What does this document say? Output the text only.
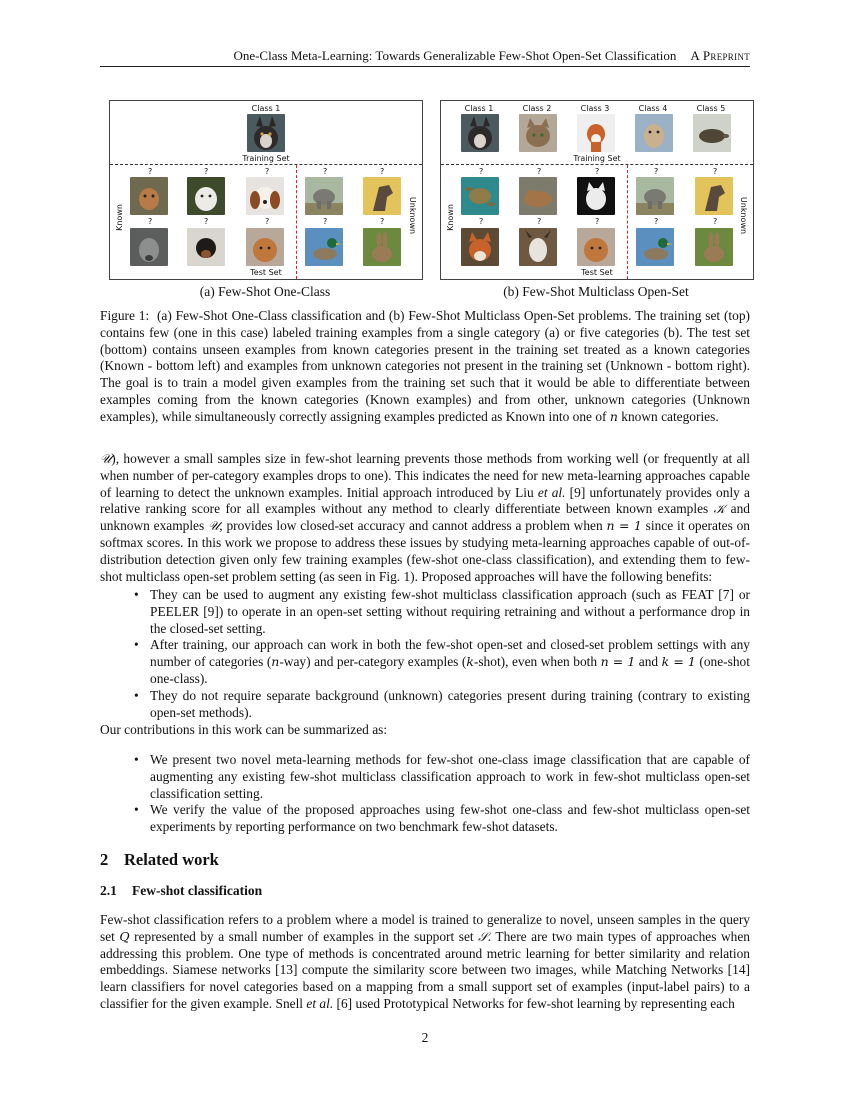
One-Class Meta-Learning: Towards Generalizable Few-Shot Open-Set Classification A Preprint
Class 1
Training Set
?	?	?	?	?
Known	Unknown
?	?	?	?	?
Test Set
Class 1	Class 2	Class 3	Class 4	Class 5
Training Set
?	?	?	?	?
Known	Unknown
?	?	?	?	?
Test Set
(a) Few-Shot One-Class	(b) Few-Shot Multiclass Open-Set

Figure 1: (a) Few-Shot One-Class classification and (b) Few-Shot Multiclass Open-Set problems. The training set (top) contains few (one in this case) labeled training examples from a single category (a) or five categories (b). The test set (bottom) contains unseen examples from known categories present in the training set treated as a known categories (Known - bottom left) and examples from unknown categories not present in the training set (Unknown - bottom right). The goal is to train a model given examples from the training set such that it would be able to differentiate between examples coming from the known categories (Known examples) and from other, unknown categories (Unknown examples), while simultaneously correctly assigning examples predicted as Known into one of n known categories.

𝒰), however a small samples size in few-shot learning prevents those methods from working well (or frequently at all when number of per-category examples drops to one). This indicates the need for new meta-learning approaches capable of learning to detect the unknown examples. Initial approach introduced by Liu et al. [9] unfortunately provides only a relative ranking score for all examples without any method to clearly differentiate between known examples 𝒦 and unknown examples 𝒰, provides low closed-set accuracy and cannot address a problem when n = 1 since it operates on softmax scores. In this work we propose to address these issues by studying meta-learning approaches capable of out-of-distribution detection given only few training examples (few-shot one-class classification), and extending them to few-shot multiclass open-set problem setting (as seen in Fig. 1). Proposed approaches will have the following benefits:

• They can be used to augment any existing few-shot multiclass classification approach (such as FEAT [7] or PEELER [9]) to operate in an open-set setting without requiring retraining and without a performance drop in the closed-set setting.
• After training, our approach can work in both the few-shot open-set and closed-set problem settings with any number of categories (n-way) and per-category examples (k-shot), even when both n = 1 and k = 1 (one-shot one-class).
• They do not require separate background (unknown) categories present during training (contrary to existing open-set methods).
Our contributions in this work can be summarized as:
• We present two novel meta-learning methods for few-shot one-class image classification that are capable of augmenting any existing few-shot multiclass classification approach to work in few-shot multiclass open-set classification setting.
• We verify the value of the proposed approaches using few-shot one-class and few-shot multiclass open-set experiments by reporting performance on two benchmark few-shot datasets.
2 Related work
2.1 Few-shot classification

Few-shot classification refers to a problem where a model is trained to generalize to novel, unseen samples in the query set Q represented by a small number of examples in the support set 𝒮. There are two main types of approaches when addressing this problem. One type of methods is concentrated around metric learning for better similarity and relation embeddings. Siamese networks [13] compute the similarity score between two images, while Matching Networks [14] learn classifiers for novel categories based on a mapping from a small support set of examples (input-label pairs) to a classifier for the given example. Snell et al. [6] used Prototypical Networks for few-shot learning by representing each

2
